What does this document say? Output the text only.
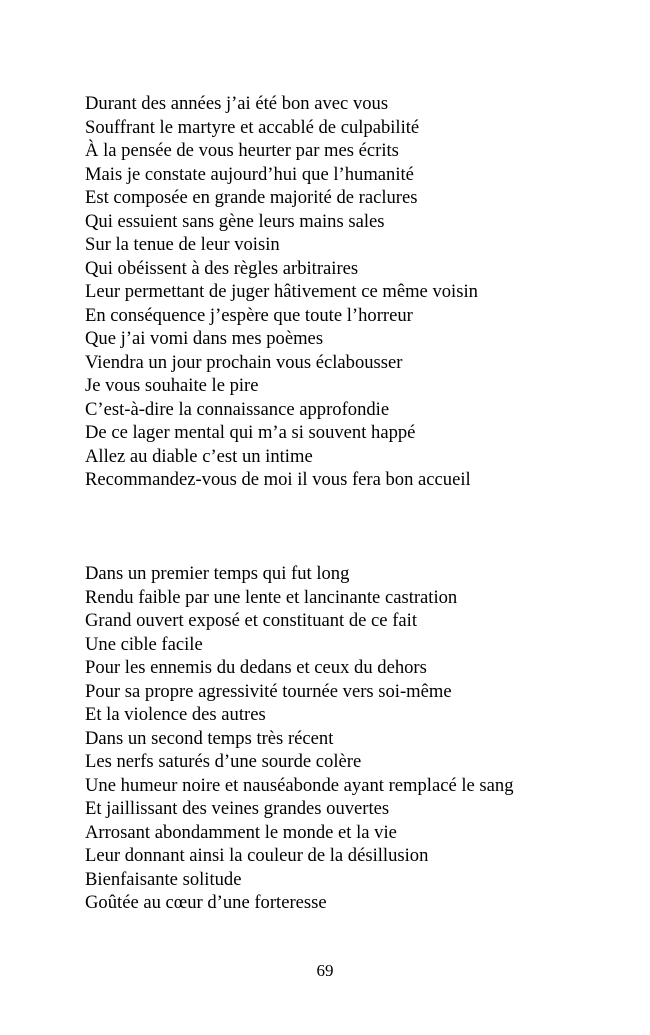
Durant des années j’ai été bon avec vous
Souffrant le martyre et accablé de culpabilité
À la pensée de vous heurter par mes écrits
Mais je constate aujourd’hui que l’humanité
Est composée en grande majorité de raclures
Qui essuient sans gène leurs mains sales
Sur la tenue de leur voisin
Qui obéissent à des règles arbitraires
Leur permettant de juger hâtivement ce même voisin
En conséquence j’espère que toute l’horreur
Que j’ai vomi dans mes poèmes
Viendra un jour prochain vous éclabousser
Je vous souhaite le pire
C’est-à-dire la connaissance approfondie
De ce lager mental qui m’a si souvent happé
Allez au diable c’est un intime
Recommandez-vous de moi il vous fera bon accueil
Dans un premier temps qui fut long
Rendu faible par une lente et lancinante castration
Grand ouvert exposé et constituant de ce fait
Une cible facile
Pour les ennemis du dedans et ceux du dehors
Pour sa propre agressivité tournée vers soi-même
Et la violence des autres
Dans un second temps très récent
Les nerfs saturés d’une sourde colère
Une humeur noire et nauséabonde ayant remplacé le sang
Et jaillissant des veines grandes ouvertes
Arrosant abondamment le monde et la vie
Leur donnant ainsi la couleur de la désillusion
Bienfaisante solitude
Goûtée au cœur d’une forteresse
69
